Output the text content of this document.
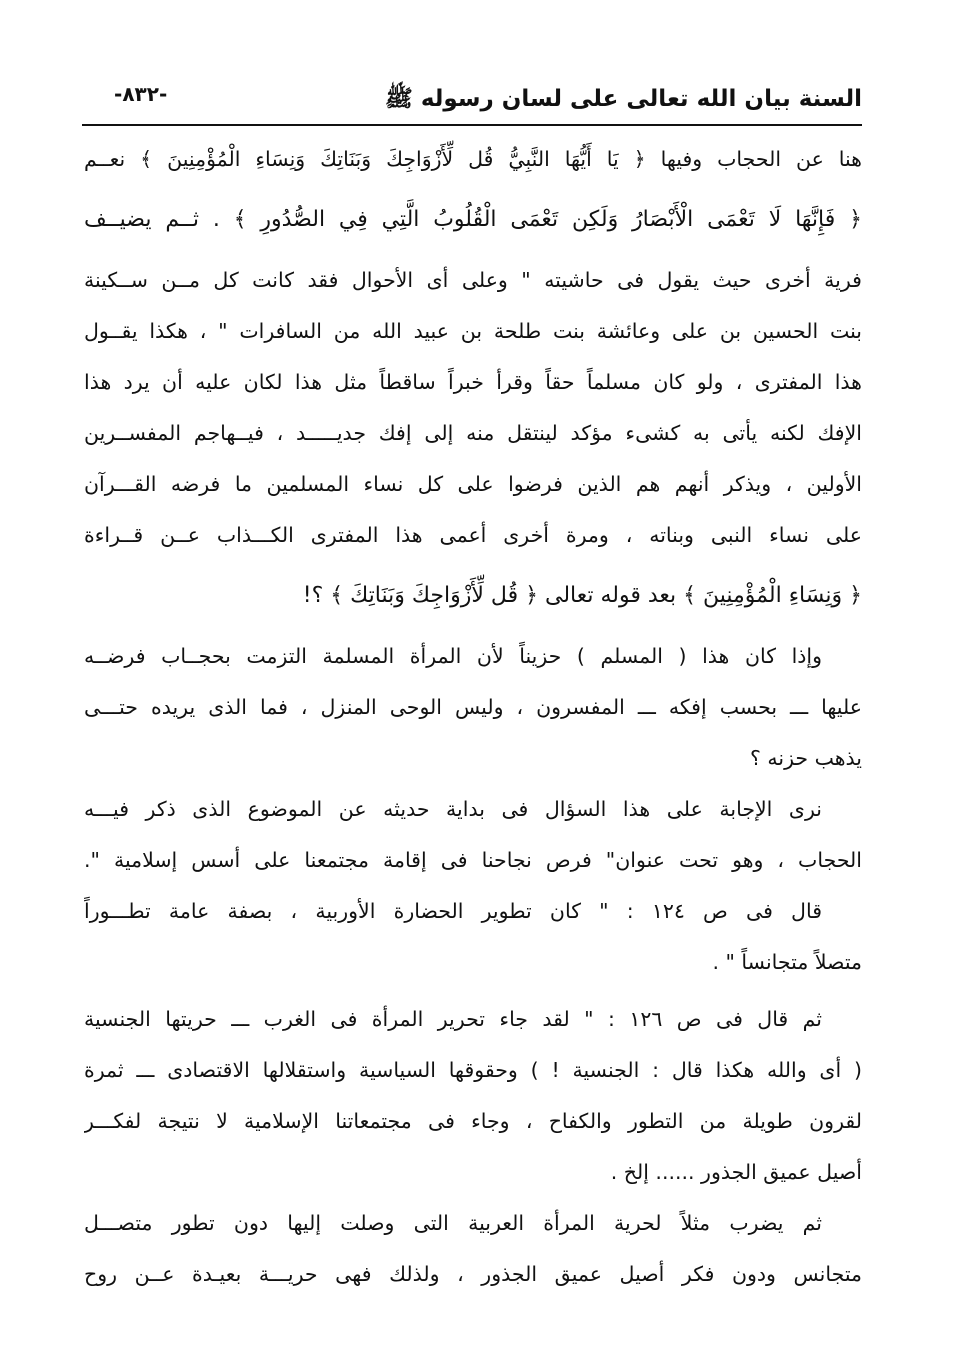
السنة بيان الله تعالى على لسان رسوله ﷺ
-٨٣٢-
هنا عن الحجاب وفيها ﴿ يَا أَيُّهَا النَّبِيُّ قُل لِّأَزْوَاجِكَ وَبَنَاتِكَ وَنِسَاءِ الْمُؤْمِنِينَ ﴾ نعــم
﴿ فَإِنَّهَا لَا تَعْمَى الْأَبْصَارُ وَلَكِن تَعْمَى الْقُلُوبُ الَّتِي فِي الصُّدُورِ ﴾ . ثــم يضيــف
فرية أخرى حيث يقول فى حاشيته " وعلى أى الأحوال فقد كانت كل مــن ســكينة
بنت الحسين بن على وعائشة بنت طلحة بن عبيد الله من السافرات " ، هكذا يقــول
هذا المفترى ، ولو كان مسلماً حقاً وقرأ خبراً ساقطاً مثل هذا لكان عليه أن يرد هذا
الإفك لكنه يأتى به كشىء مؤكد لينتقل منه إلى إفك جديـــــد ، فيــهاجم المفســرين
الأولين ، ويذكر أنهم هم الذين فرضوا على كل نساء المسلمين ما فرضه القـــرآن
على نساء النبى وبناته ، ومرة أخرى أعمى هذا المفترى الكـــذاب عــن قــراءة
﴿ وَنِسَاءِ الْمُؤْمِنِينَ ﴾ بعد قوله تعالى ﴿ قُل لِّأَزْوَاجِكَ وَبَنَاتِكَ ﴾ ؟!
وإذا كان هذا ( المسلم ) حزيناً لأن المرأة المسلمة التزمت بحجــاب فرضــه
عليها ـــ بحسب إفكه ـــ المفسرون ، وليس الوحى المنزل ، فما الذى يريده حتـــى
يذهب حزنه ؟
نرى الإجابة على هذا السؤال فى بداية حديثه عن الموضوع الذى ذكر فيـــه
الحجاب ، وهو تحت عنوان" فرص نجاحنا فى إقامة مجتمعنا على أسس إسلامية ".
قال فى ص ١٢٤ : " كان تطوير الحضارة الأوربية ، بصفة عامة تطـــوراً
متصلاً متجانساً " .
ثم قال فى ص ١٢٦ : " لقد جاء تحرير المرأة فى الغرب ـــ حريتها الجنسية
( أى والله هكذا قال : الجنسية ! ) وحقوقها السياسية واستقلالها الاقتصادى ـــ ثمرة
لقرون طويلة من التطور والكفاح ، وجاء فى مجتمعاتنا الإسلامية لا نتيجة لفكـــر
أصيل عميق الجذور ...... إلخ .
ثم يضرب مثلاً لحرية المرأة العربية التى وصلت إليها دون تطور متصـــل
متجانس ودون فكر أصيل عميق الجذور ، ولذلك فهى حريـــة بعيـدة عــن روح
